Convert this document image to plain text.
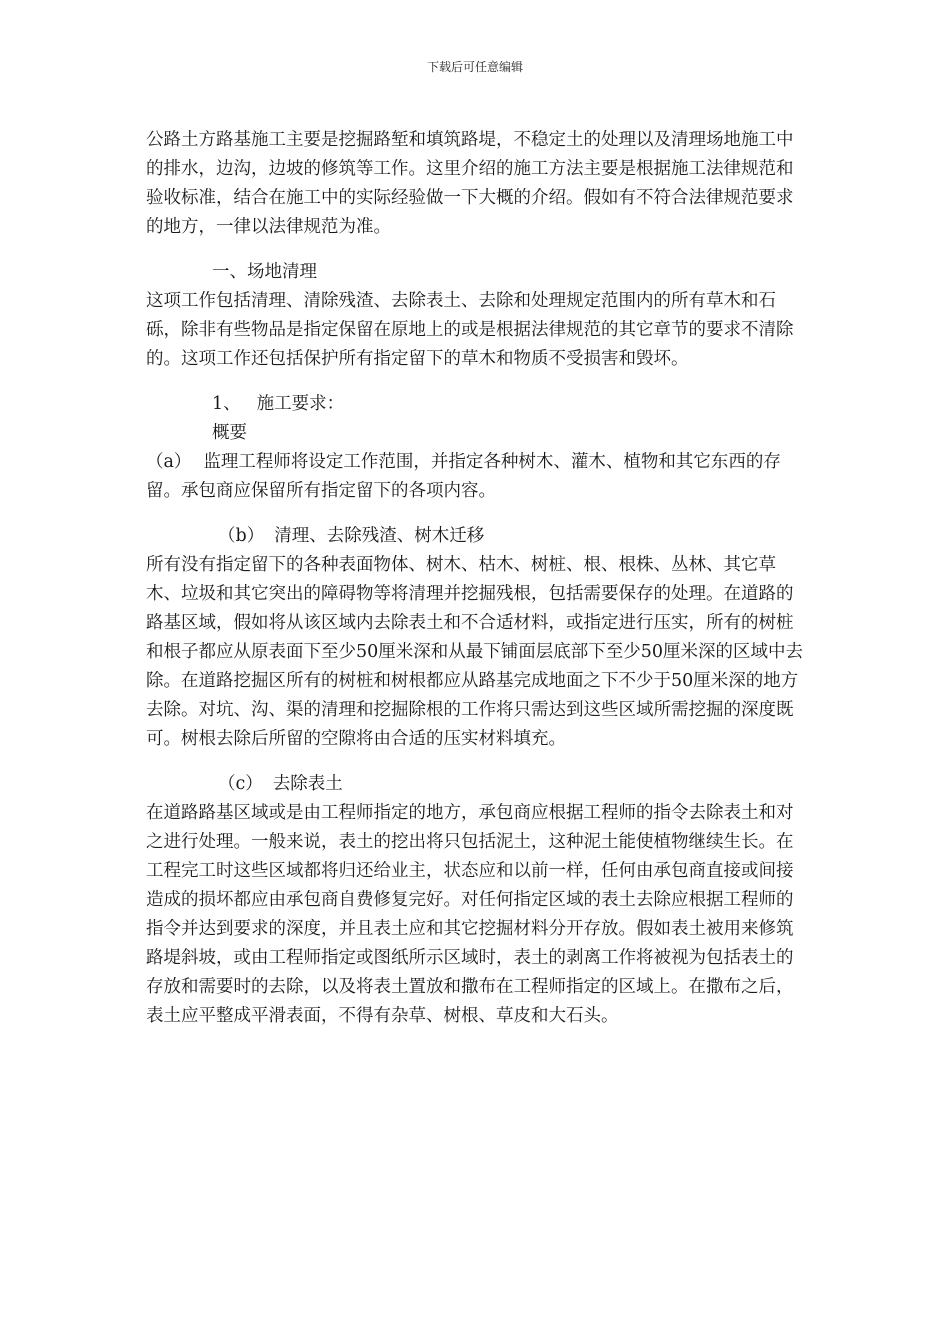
下载后可任意编辑

公路土方路基施工主要是挖掘路堑和填筑路堤，不稳定土的处理以及清理场地施工中的排水，边沟，边坡的修筑等工作。这里介绍的施工方法主要是根据施工法律规范和验收标准，结合在施工中的实际经验做一下大概的介绍。假如有不符合法律规范要求的地方，一律以法律规范为准。

一、场地清理

这项工作包括清理、清除残渣、去除表土、去除和处理规定范围内的所有草木和石砾，除非有些物品是指定保留在原地上的或是根据法律规范的其它章节的要求不清除的。这项工作还包括保护所有指定留下的草木和物质不受损害和毁坏。

1、 施工要求：

概要

（a） 监理工程师将设定工作范围，并指定各种树木、灌木、植物和其它东西的存留。承包商应保留所有指定留下的各项内容。

（b） 清理、去除残渣、树木迁移

所有没有指定留下的各种表面物体、树木、枯木、树桩、根、根株、丛林、其它草木、垃圾和其它突出的障碍物等将清理并挖掘残根，包括需要保存的处理。在道路的路基区域，假如将从该区域内去除表土和不合适材料，或指定进行压实，所有的树桩和根子都应从原表面下至少50厘米深和从最下铺面层底部下至少50厘米深的区域中去除。在道路挖掘区所有的树桩和树根都应从路基完成地面之下不少于50厘米深的地方去除。对坑、沟、渠的清理和挖掘除根的工作将只需达到这些区域所需挖掘的深度既可。树根去除后所留的空隙将由合适的压实材料填充。

（c） 去除表土

在道路路基区域或是由工程师指定的地方，承包商应根据工程师的指令去除表土和对之进行处理。一般来说，表土的挖出将只包括泥土，这种泥土能使植物继续生长。在工程完工时这些区域都将归还给业主，状态应和以前一样，任何由承包商直接或间接造成的损坏都应由承包商自费修复完好。对任何指定区域的表土去除应根据工程师的指令并达到要求的深度，并且表土应和其它挖掘材料分开存放。假如表土被用来修筑路堤斜坡，或由工程师指定或图纸所示区域时，表土的剥离工作将被视为包括表土的存放和需要时的去除，以及将表土置放和撒布在工程师指定的区域上。在撒布之后，表土应平整成平滑表面，不得有杂草、树根、草皮和大石头。
